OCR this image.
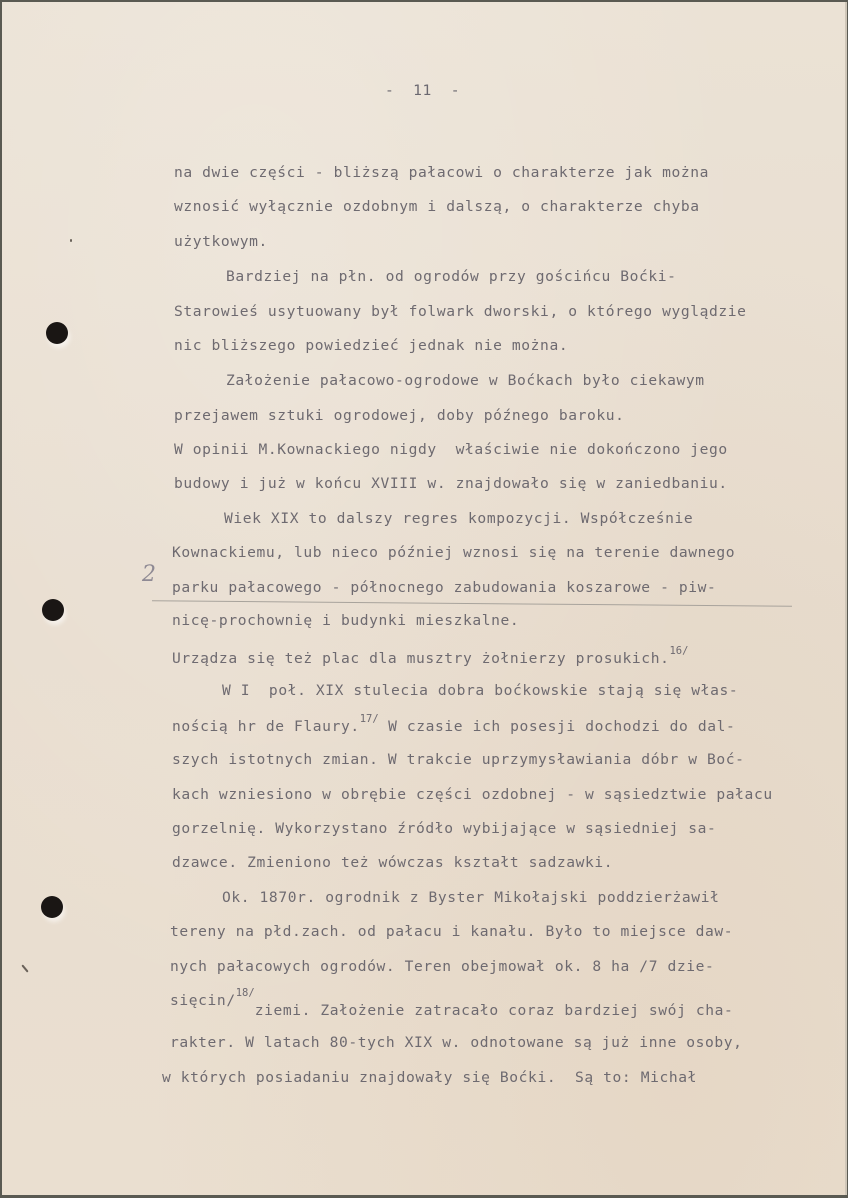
-  11  -
2
na dwie części - bliższą pałacowi o charakterze jak można
wznosić wyłącznie ozdobnym i dalszą, o charakterze chyba
użytkowym.
Bardziej na płn. od ogrodów przy gościńcu Boćki-
Starowieś usytuowany był folwark dworski, o którego wyglądzie
nic bliższego powiedzieć jednak nie można.
Założenie pałacowo-ogrodowe w Boćkach było ciekawym
przejawem sztuki ogrodowej, doby późnego baroku.
W opinii M.Kownackiego nigdy  właściwie nie dokończono jego
budowy i już w końcu XVIII w. znajdowało się w zaniedbaniu.
Wiek XIX to dalszy regres kompozycji. Współcześnie
Kownackiemu, lub nieco później wznosi się na terenie dawnego
parku pałacowego - północnego zabudowania koszarowe - piw-
nicę-prochownię i budynki mieszkalne.
Urządza się też plac dla musztry żołnierzy prosukich.$^{16/}$
W I  poł. XIX stulecia dobra boćkowskie stają się włas-
nością hr de Flaury.$^{17/}$ W czasie ich posesji dochodzi do dal-
szych istotnych zmian. W trakcie uprzymysławiania dóbr w Boć-
kach wzniesiono w obrębie części ozdobnej - w sąsiedztwie pałacu
gorzelnię. Wykorzystano źródło wybijające w sąsiedniej sa-
dzawce. Zmieniono też wówczas kształt sadzawki.
Ok. 1870r. ogrodnik z Byster Mikołajski poddzierżawił
tereny na płd.zach. od pałacu i kanału. Było to miejsce daw-
nych pałacowych ogrodów. Teren obejmował ok. 8 ha /7 dzie-
sięcin/$^{18/}$ziemi. Założenie zatracało coraz bardziej swój cha-
rakter. W latach 80-tych XIX w. odnotowane są już inne osoby,
w których posiadaniu znajdowały się Boćki.  Są to: Michał
